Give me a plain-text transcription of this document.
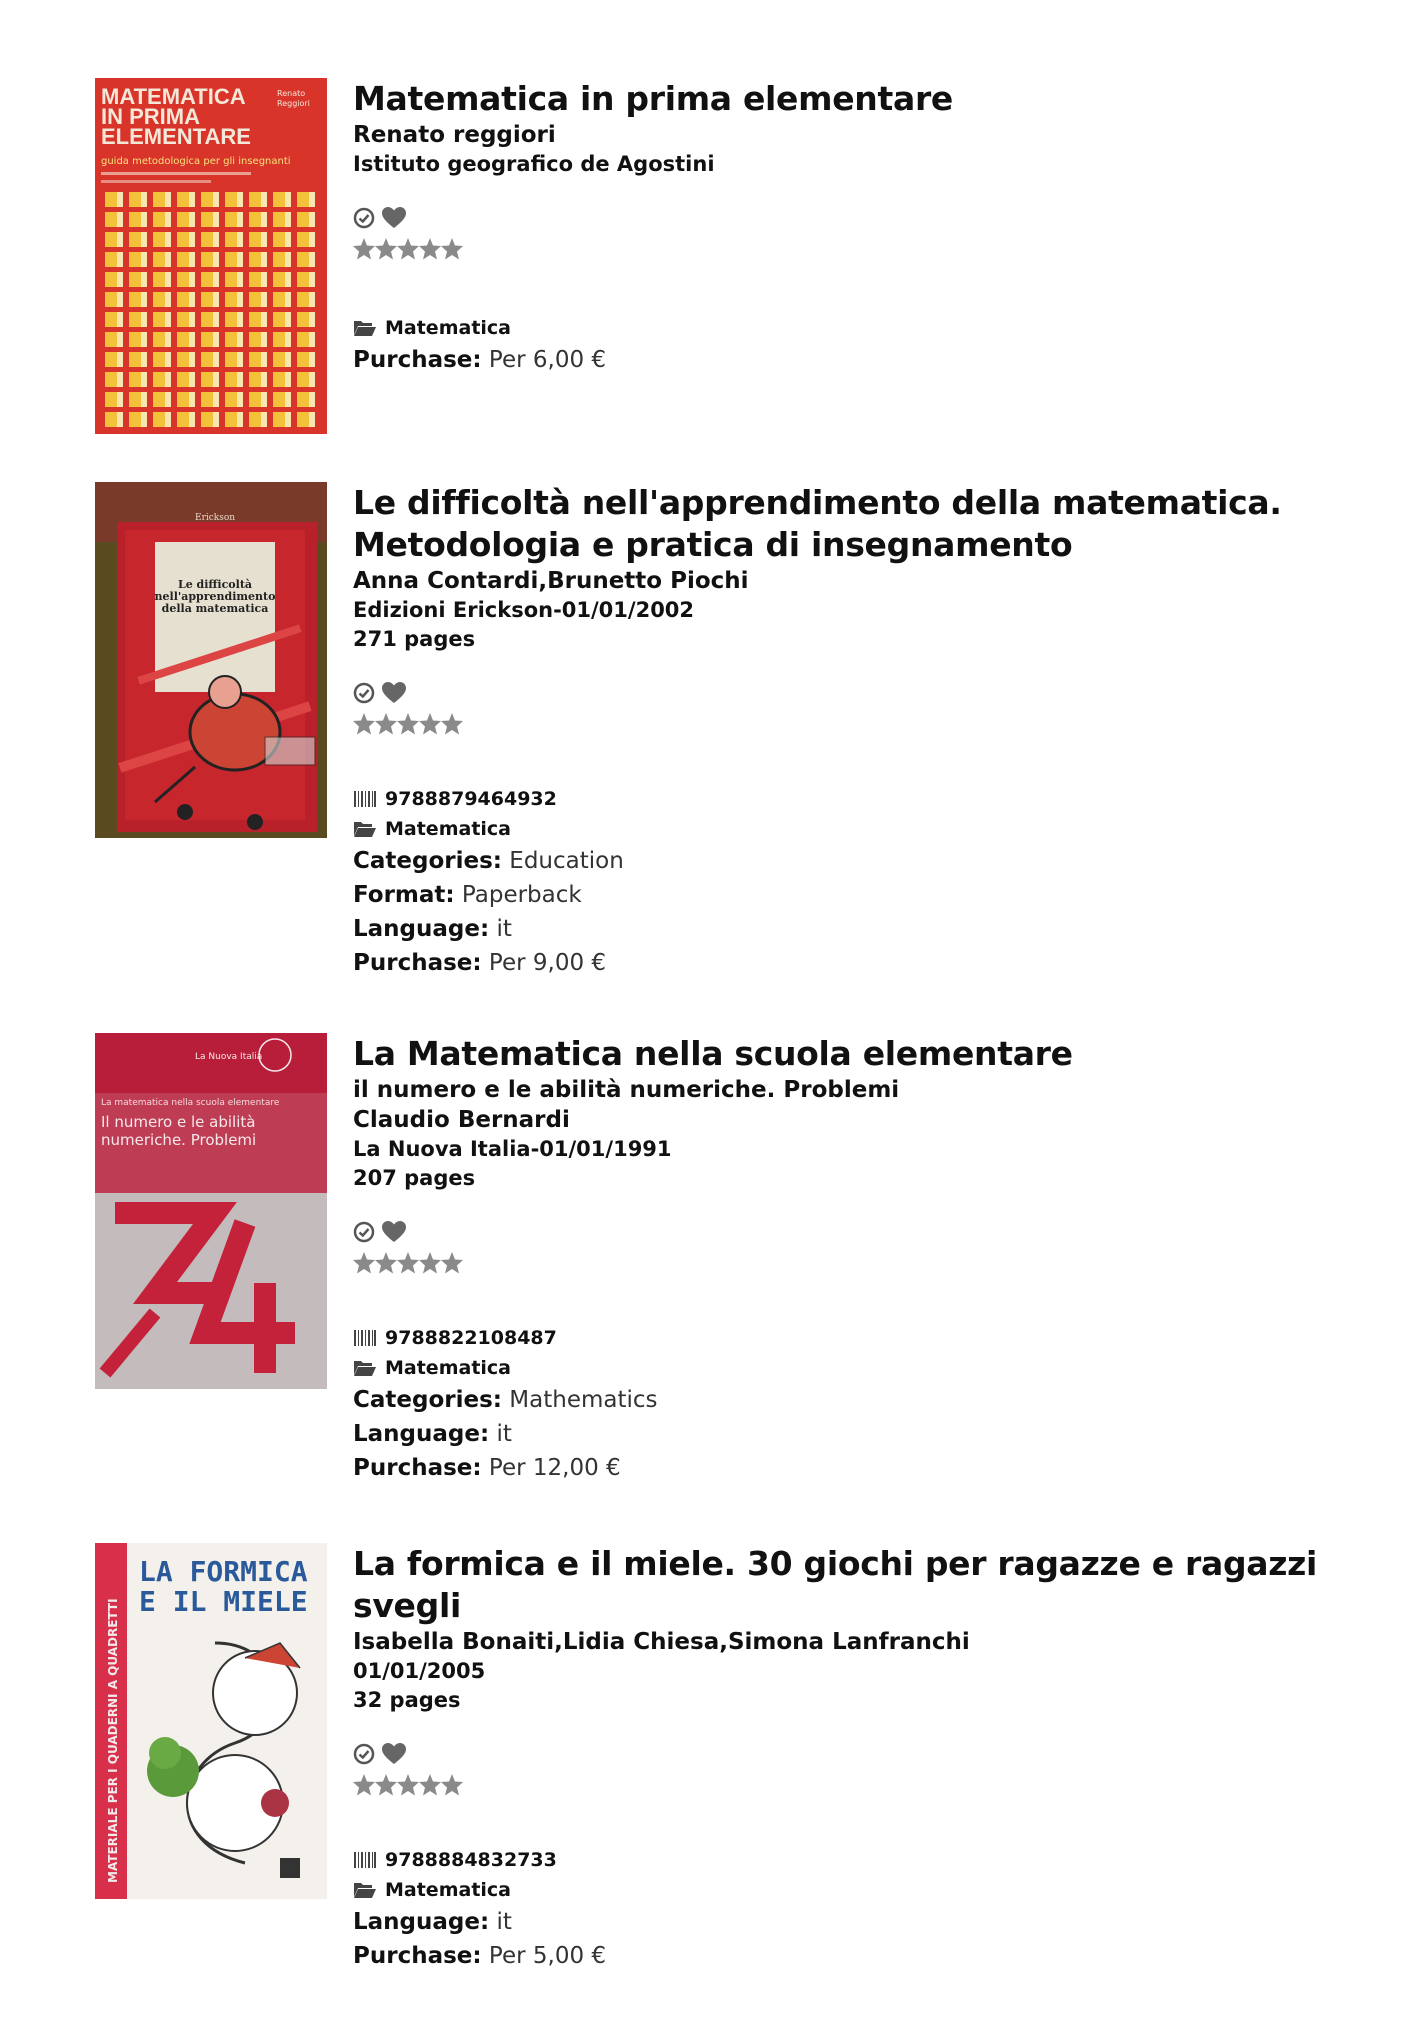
MATEMATICA
IN PRIMA
ELEMENTARE
Renato
Reggiori
guida metodologica per gli insegnanti
Matematica in prima elementare
Renato reggiori
Istituto geografico de Agostini
Matematica
Purchase: Per 6,00 €
Erickson
Le difficoltà
nell'apprendimento
della matematica
Le difficoltà nell'apprendimento della matematica.
Metodologia e pratica di insegnamento
Anna Contardi,Brunetto Piochi
Edizioni Erickson-01/01/2002
271 pages
9788879464932
Matematica
Categories: Education
Format: Paperback
Language: it
Purchase: Per 9,00 €
La Nuova Italia
La matematica nella scuola elementare
Il numero e le abilità
numeriche. Problemi
La Matematica nella scuola elementare
il numero e le abilità numeriche. Problemi
Claudio Bernardi
La Nuova Italia-01/01/1991
207 pages
9788822108487
Matematica
Categories: Mathematics
Language: it
Purchase: Per 12,00 €
MATERIALE PER I QUADERNI A QUADRETTI
LA FORMICA
E IL MIELE
La formica e il miele. 30 giochi per ragazze e ragazzi svegli
Isabella Bonaiti,Lidia Chiesa,Simona Lanfranchi
01/01/2005
32 pages
9788884832733
Matematica
Language: it
Purchase: Per 5,00 €
